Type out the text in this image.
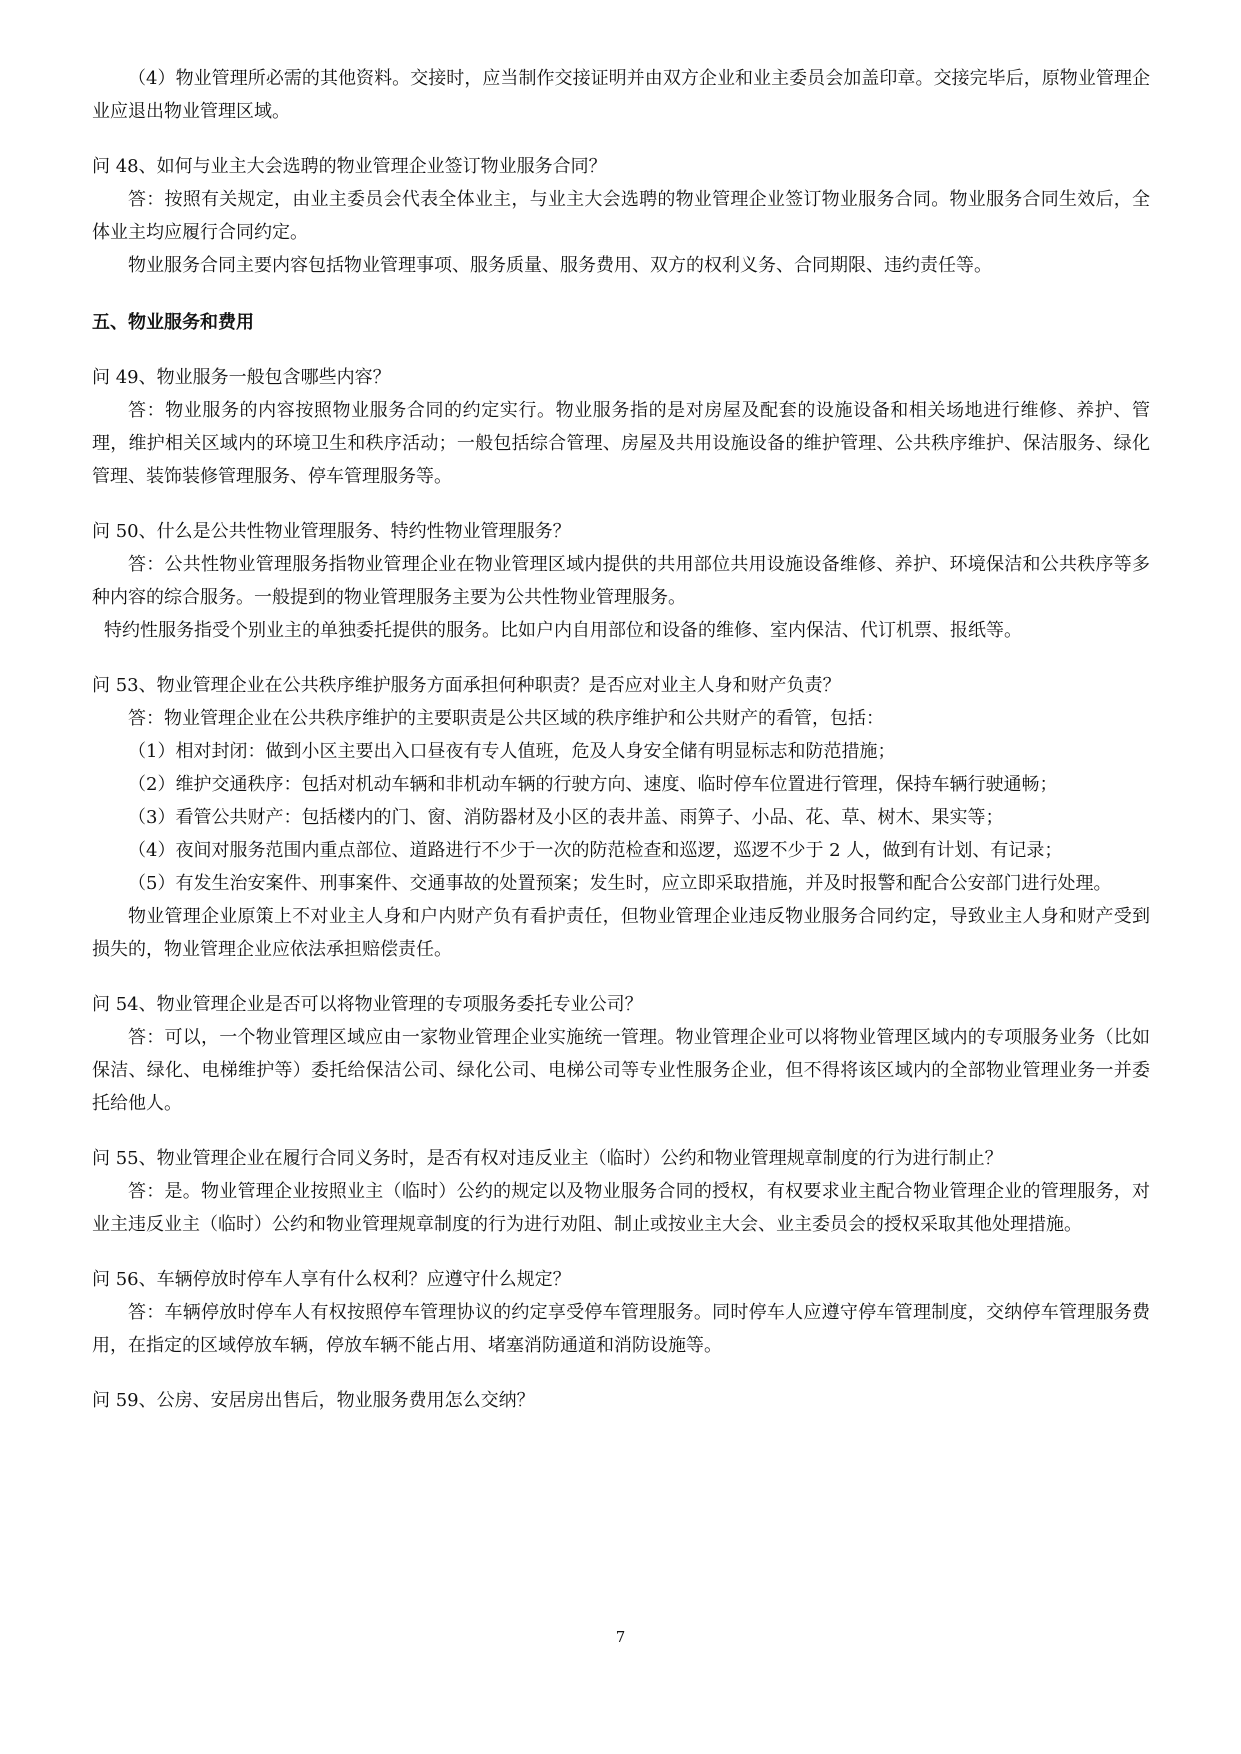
（4）物业管理所必需的其他资料。交接时，应当制作交接证明并由双方企业和业主委员会加盖印章。交接完毕后，原物业管理企业应退出物业管理区域。

问 48、如何与业主大会选聘的物业管理企业签订物业服务合同？

答：按照有关规定，由业主委员会代表全体业主，与业主大会选聘的物业管理企业签订物业服务合同。物业服务合同生效后，全体业主均应履行合同约定。

物业服务合同主要内容包括物业管理事项、服务质量、服务费用、双方的权利义务、合同期限、违约责任等。

五、物业服务和费用

问 49、物业服务一般包含哪些内容？

答：物业服务的内容按照物业服务合同的约定实行。物业服务指的是对房屋及配套的设施设备和相关场地进行维修、养护、管理，维护相关区域内的环境卫生和秩序活动；一般包括综合管理、房屋及共用设施设备的维护管理、公共秩序维护、保洁服务、绿化管理、装饰装修管理服务、停车管理服务等。

问 50、什么是公共性物业管理服务、特约性物业管理服务？

答：公共性物业管理服务指物业管理企业在物业管理区域内提供的共用部位共用设施设备维修、养护、环境保洁和公共秩序等多种内容的综合服务。一般提到的物业管理服务主要为公共性物业管理服务。

特约性服务指受个别业主的单独委托提供的服务。比如户内自用部位和设备的维修、室内保洁、代订机票、报纸等。

问 53、物业管理企业在公共秩序维护服务方面承担何种职责？是否应对业主人身和财产负责？

答：物业管理企业在公共秩序维护的主要职责是公共区域的秩序维护和公共财产的看管，包括：

（1）相对封闭：做到小区主要出入口昼夜有专人值班，危及人身安全储有明显标志和防范措施；

（2）维护交通秩序：包括对机动车辆和非机动车辆的行驶方向、速度、临时停车位置进行管理，保持车辆行驶通畅；

（3）看管公共财产：包括楼内的门、窗、消防器材及小区的表井盖、雨箅子、小品、花、草、树木、果实等；

（4）夜间对服务范围内重点部位、道路进行不少于一次的防范检查和巡逻，巡逻不少于 2 人，做到有计划、有记录；

（5）有发生治安案件、刑事案件、交通事故的处置预案；发生时，应立即采取措施，并及时报警和配合公安部门进行处理。

物业管理企业原策上不对业主人身和户内财产负有看护责任，但物业管理企业违反物业服务合同约定，导致业主人身和财产受到损失的，物业管理企业应依法承担赔偿责任。

问 54、物业管理企业是否可以将物业管理的专项服务委托专业公司？

答：可以，一个物业管理区域应由一家物业管理企业实施统一管理。物业管理企业可以将物业管理区域内的专项服务业务（比如保洁、绿化、电梯维护等）委托给保洁公司、绿化公司、电梯公司等专业性服务企业，但不得将该区域内的全部物业管理业务一并委托给他人。

问 55、物业管理企业在履行合同义务时，是否有权对违反业主（临时）公约和物业管理规章制度的行为进行制止？

答：是。物业管理企业按照业主（临时）公约的规定以及物业服务合同的授权，有权要求业主配合物业管理企业的管理服务，对业主违反业主（临时）公约和物业管理规章制度的行为进行劝阻、制止或按业主大会、业主委员会的授权采取其他处理措施。

问 56、车辆停放时停车人享有什么权利？应遵守什么规定？

答：车辆停放时停车人有权按照停车管理协议的约定享受停车管理服务。同时停车人应遵守停车管理制度，交纳停车管理服务费用，在指定的区域停放车辆，停放车辆不能占用、堵塞消防通道和消防设施等。

问 59、公房、安居房出售后，物业服务费用怎么交纳？

7
